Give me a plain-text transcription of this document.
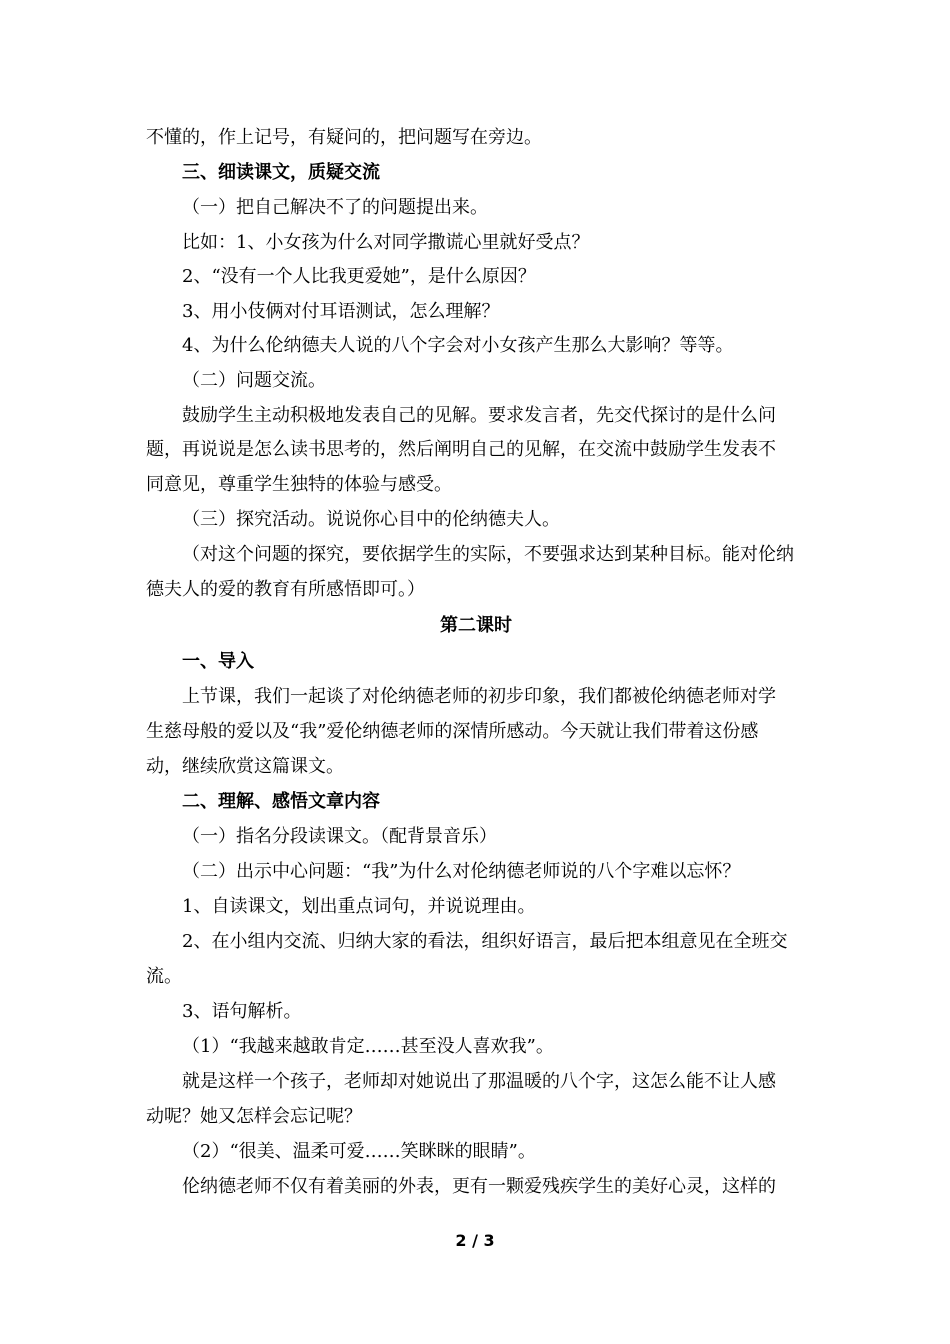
不懂的，作上记号，有疑问的，把问题写在旁边。
三、细读课文，质疑交流
（一）把自己解决不了的问题提出来。
比如：1、小女孩为什么对同学撒谎心里就好受点？
2、“没有一个人比我更爱她”，是什么原因？
3、用小伎俩对付耳语测试，怎么理解？
4、为什么伦纳德夫人说的八个字会对小女孩产生那么大影响？等等。
（二）问题交流。
鼓励学生主动积极地发表自己的见解。要求发言者，先交代探讨的是什么问
题，再说说是怎么读书思考的，然后阐明自己的见解，在交流中鼓励学生发表不
同意见，尊重学生独特的体验与感受。
（三）探究活动。说说你心目中的伦纳德夫人。
（对这个问题的探究，要依据学生的实际，不要强求达到某种目标。能对伦纳
德夫人的爱的教育有所感悟即可。）
第二课时
一、导入
上节课，我们一起谈了对伦纳德老师的初步印象，我们都被伦纳德老师对学
生慈母般的爱以及“我”爱伦纳德老师的深情所感动。今天就让我们带着这份感
动，继续欣赏这篇课文。
二、理解、感悟文章内容
（一）指名分段读课文。（配背景音乐）
（二）出示中心问题：“我”为什么对伦纳德老师说的八个字难以忘怀？
1、自读课文，划出重点词句，并说说理由。
2、在小组内交流、归纳大家的看法，组织好语言，最后把本组意见在全班交
流。
3、语句解析。
（1）“我越来越敢肯定……甚至没人喜欢我”。
就是这样一个孩子，老师却对她说出了那温暖的八个字，这怎么能不让人感
动呢？她又怎样会忘记呢？
（2）“很美、温柔可爱……笑眯眯的眼睛”。
伦纳德老师不仅有着美丽的外表，更有一颗爱残疾学生的美好心灵，这样的
2 / 3
